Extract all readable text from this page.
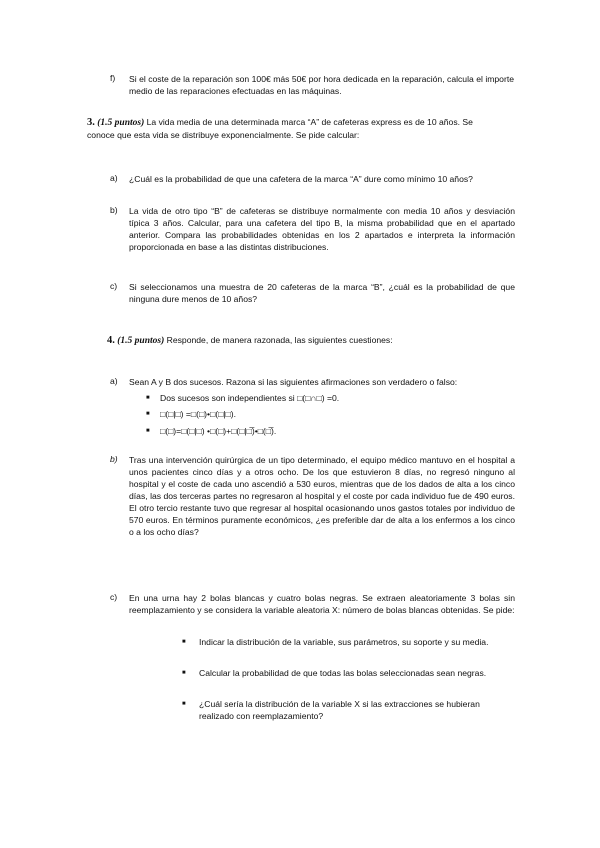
f) Si el coste de la reparación son 100€ más 50€ por hora dedicada en la reparación, calcula el importe medio de las reparaciones efectuadas en las máquinas.
3. (1.5 puntos) La vida media de una determinada marca “A” de cafeteras express es de 10 años. Se conoce que esta vida se distribuye exponencialmente. Se pide calcular:
a) ¿Cuál es la probabilidad de que una cafetera de la marca “A” dure como mínimo 10 años?
b) La vida de otro tipo “B” de cafeteras se distribuye normalmente con media 10 años y desviación típica 3 años. Calcular, para una cafetera del tipo B, la misma probabilidad que en el apartado anterior. Compara las probabilidades obtenidas en los 2 apartados e interpreta la información proporcionada en base a las distintas distribuciones.
c) Si seleccionamos una muestra de 20 cafeteras de la marca “B”, ¿cuál es la probabilidad de que ninguna dure menos de 10 años?
4. (1.5 puntos) Responde, de manera razonada, las siguientes cuestiones:
a) Sean A y B dos sucesos. Razona si las siguientes afirmaciones son verdadero o falso:
■ Dos sucesos son independientes si □(□∩□) =0.
■ □(□|□) =□(□)•□(□|□).
■ □(□)=□(□|□) •□(□)+□(□|□̅)•□(□̅).
b) Tras una intervención quirúrgica de un tipo determinado, el equipo médico mantuvo en el hospital a unos pacientes cinco días y a otros ocho. De los que estuvieron 8 días, no regresó ninguno al hospital y el coste de cada uno ascendió a 530 euros, mientras que de los dados de alta a los cinco días, las dos terceras partes no regresaron al hospital y el coste por cada individuo fue de 490 euros. El otro tercio restante tuvo que regresar al hospital ocasionando unos gastos totales por individuo de 570 euros. En términos puramente económicos, ¿es preferible dar de alta a los enfermos a los cinco o a los ocho días?
c) En una urna hay 2 bolas blancas y cuatro bolas negras. Se extraen aleatoriamente 3 bolas sin reemplazamiento y se considera la variable aleatoria X: número de bolas blancas obtenidas. Se pide:
■ Indicar la distribución de la variable, sus parámetros, su soporte y su media.
■ Calcular la probabilidad de que todas las bolas seleccionadas sean negras.
■ ¿Cuál sería la distribución de la variable X si las extracciones se hubieran realizado con reemplazamiento?
